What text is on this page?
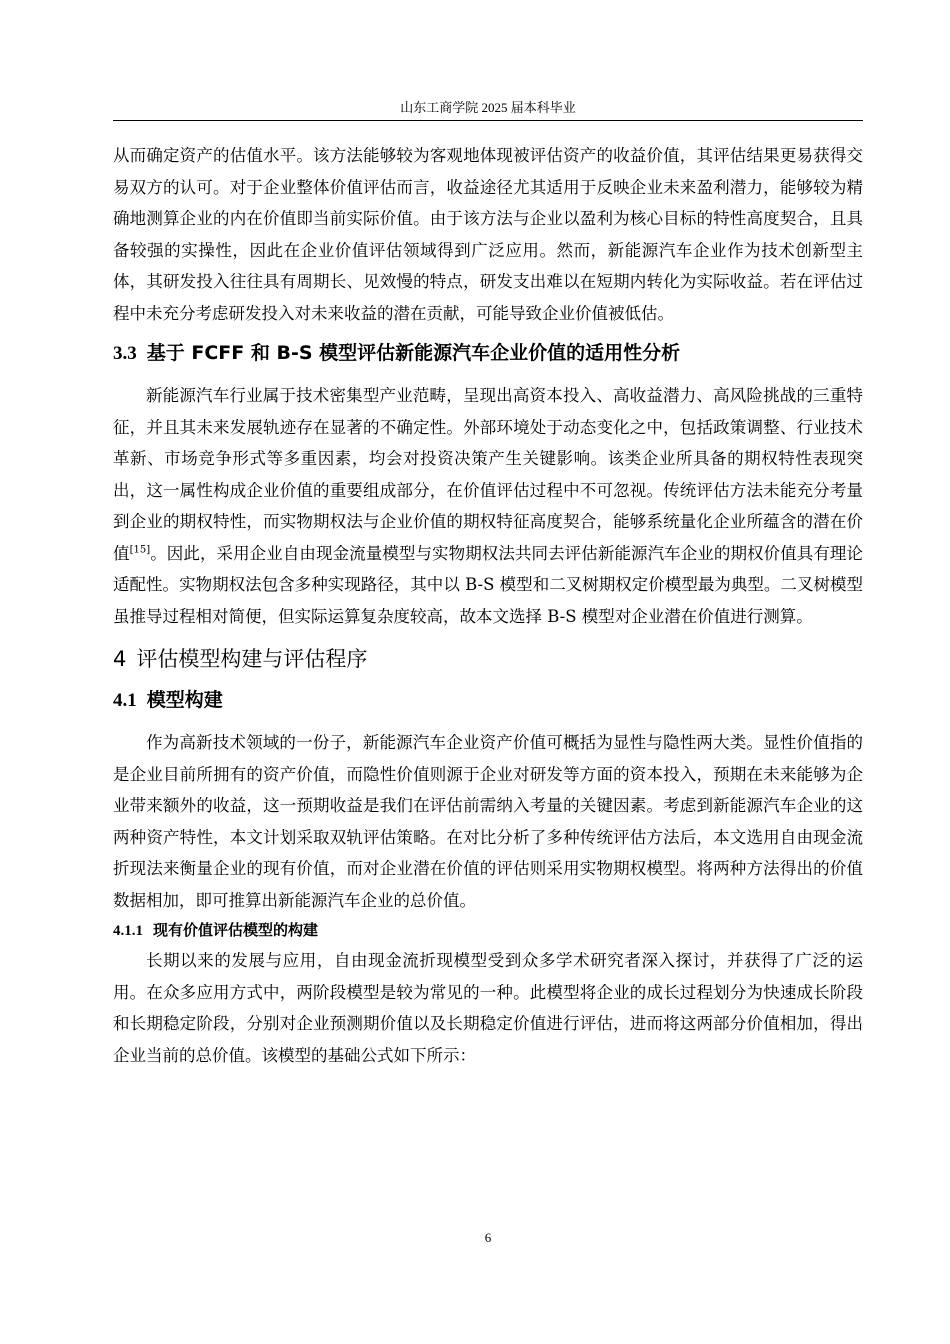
山东工商学院 2025 届本科毕业

从而确定资产的估值水平。该方法能够较为客观地体现被评估资产的收益价值，其评估结果更易获得交易双方的认可。对于企业整体价值评估而言，收益途径尤其适用于反映企业未来盈利潜力，能够较为精确地测算企业的内在价值即当前实际价值。由于该方法与企业以盈利为核心目标的特性高度契合，且具备较强的实操性，因此在企业价值评估领域得到广泛应用。然而，新能源汽车企业作为技术创新型主体，其研发投入往往具有周期长、见效慢的特点，研发支出难以在短期内转化为实际收益。若在评估过程中未充分考虑研发投入对未来收益的潜在贡献，可能导致企业价值被低估。

3.3 基于 FCFF 和 B-S 模型评估新能源汽车企业价值的适用性分析

新能源汽车行业属于技术密集型产业范畴，呈现出高资本投入、高收益潜力、高风险挑战的三重特征，并且其未来发展轨迹存在显著的不确定性。外部环境处于动态变化之中，包括政策调整、行业技术革新、市场竞争形式等多重因素，均会对投资决策产生关键影响。该类企业所具备的期权特性表现突出，这一属性构成企业价值的重要组成部分，在价值评估过程中不可忽视。传统评估方法未能充分考量到企业的期权特性，而实物期权法与企业价值的期权特征高度契合，能够系统量化企业所蕴含的潜在价值[15]。因此，采用企业自由现金流量模型与实物期权法共同去评估新能源汽车企业的期权价值具有理论适配性。实物期权法包含多种实现路径，其中以 B-S 模型和二叉树期权定价模型最为典型。二叉树模型虽推导过程相对简便，但实际运算复杂度较高，故本文选择 B-S 模型对企业潜在价值进行测算。

4 评估模型构建与评估程序
4.1 模型构建

作为高新技术领域的一份子，新能源汽车企业资产价值可概括为显性与隐性两大类。显性价值指的是企业目前所拥有的资产价值，而隐性价值则源于企业对研发等方面的资本投入，预期在未来能够为企业带来额外的收益，这一预期收益是我们在评估前需纳入考量的关键因素。考虑到新能源汽车企业的这两种资产特性，本文计划采取双轨评估策略。在对比分析了多种传统评估方法后，本文选用自由现金流折现法来衡量企业的现有价值，而对企业潜在价值的评估则采用实物期权模型。将两种方法得出的价值数据相加，即可推算出新能源汽车企业的总价值。

4.1.1 现有价值评估模型的构建

长期以来的发展与应用，自由现金流折现模型受到众多学术研究者深入探讨，并获得了广泛的运用。在众多应用方式中，两阶段模型是较为常见的一种。此模型将企业的成长过程划分为快速成长阶段和长期稳定阶段，分别对企业预测期价值以及长期稳定价值进行评估，进而将这两部分价值相加，得出企业当前的总价值。该模型的基础公式如下所示：

6
